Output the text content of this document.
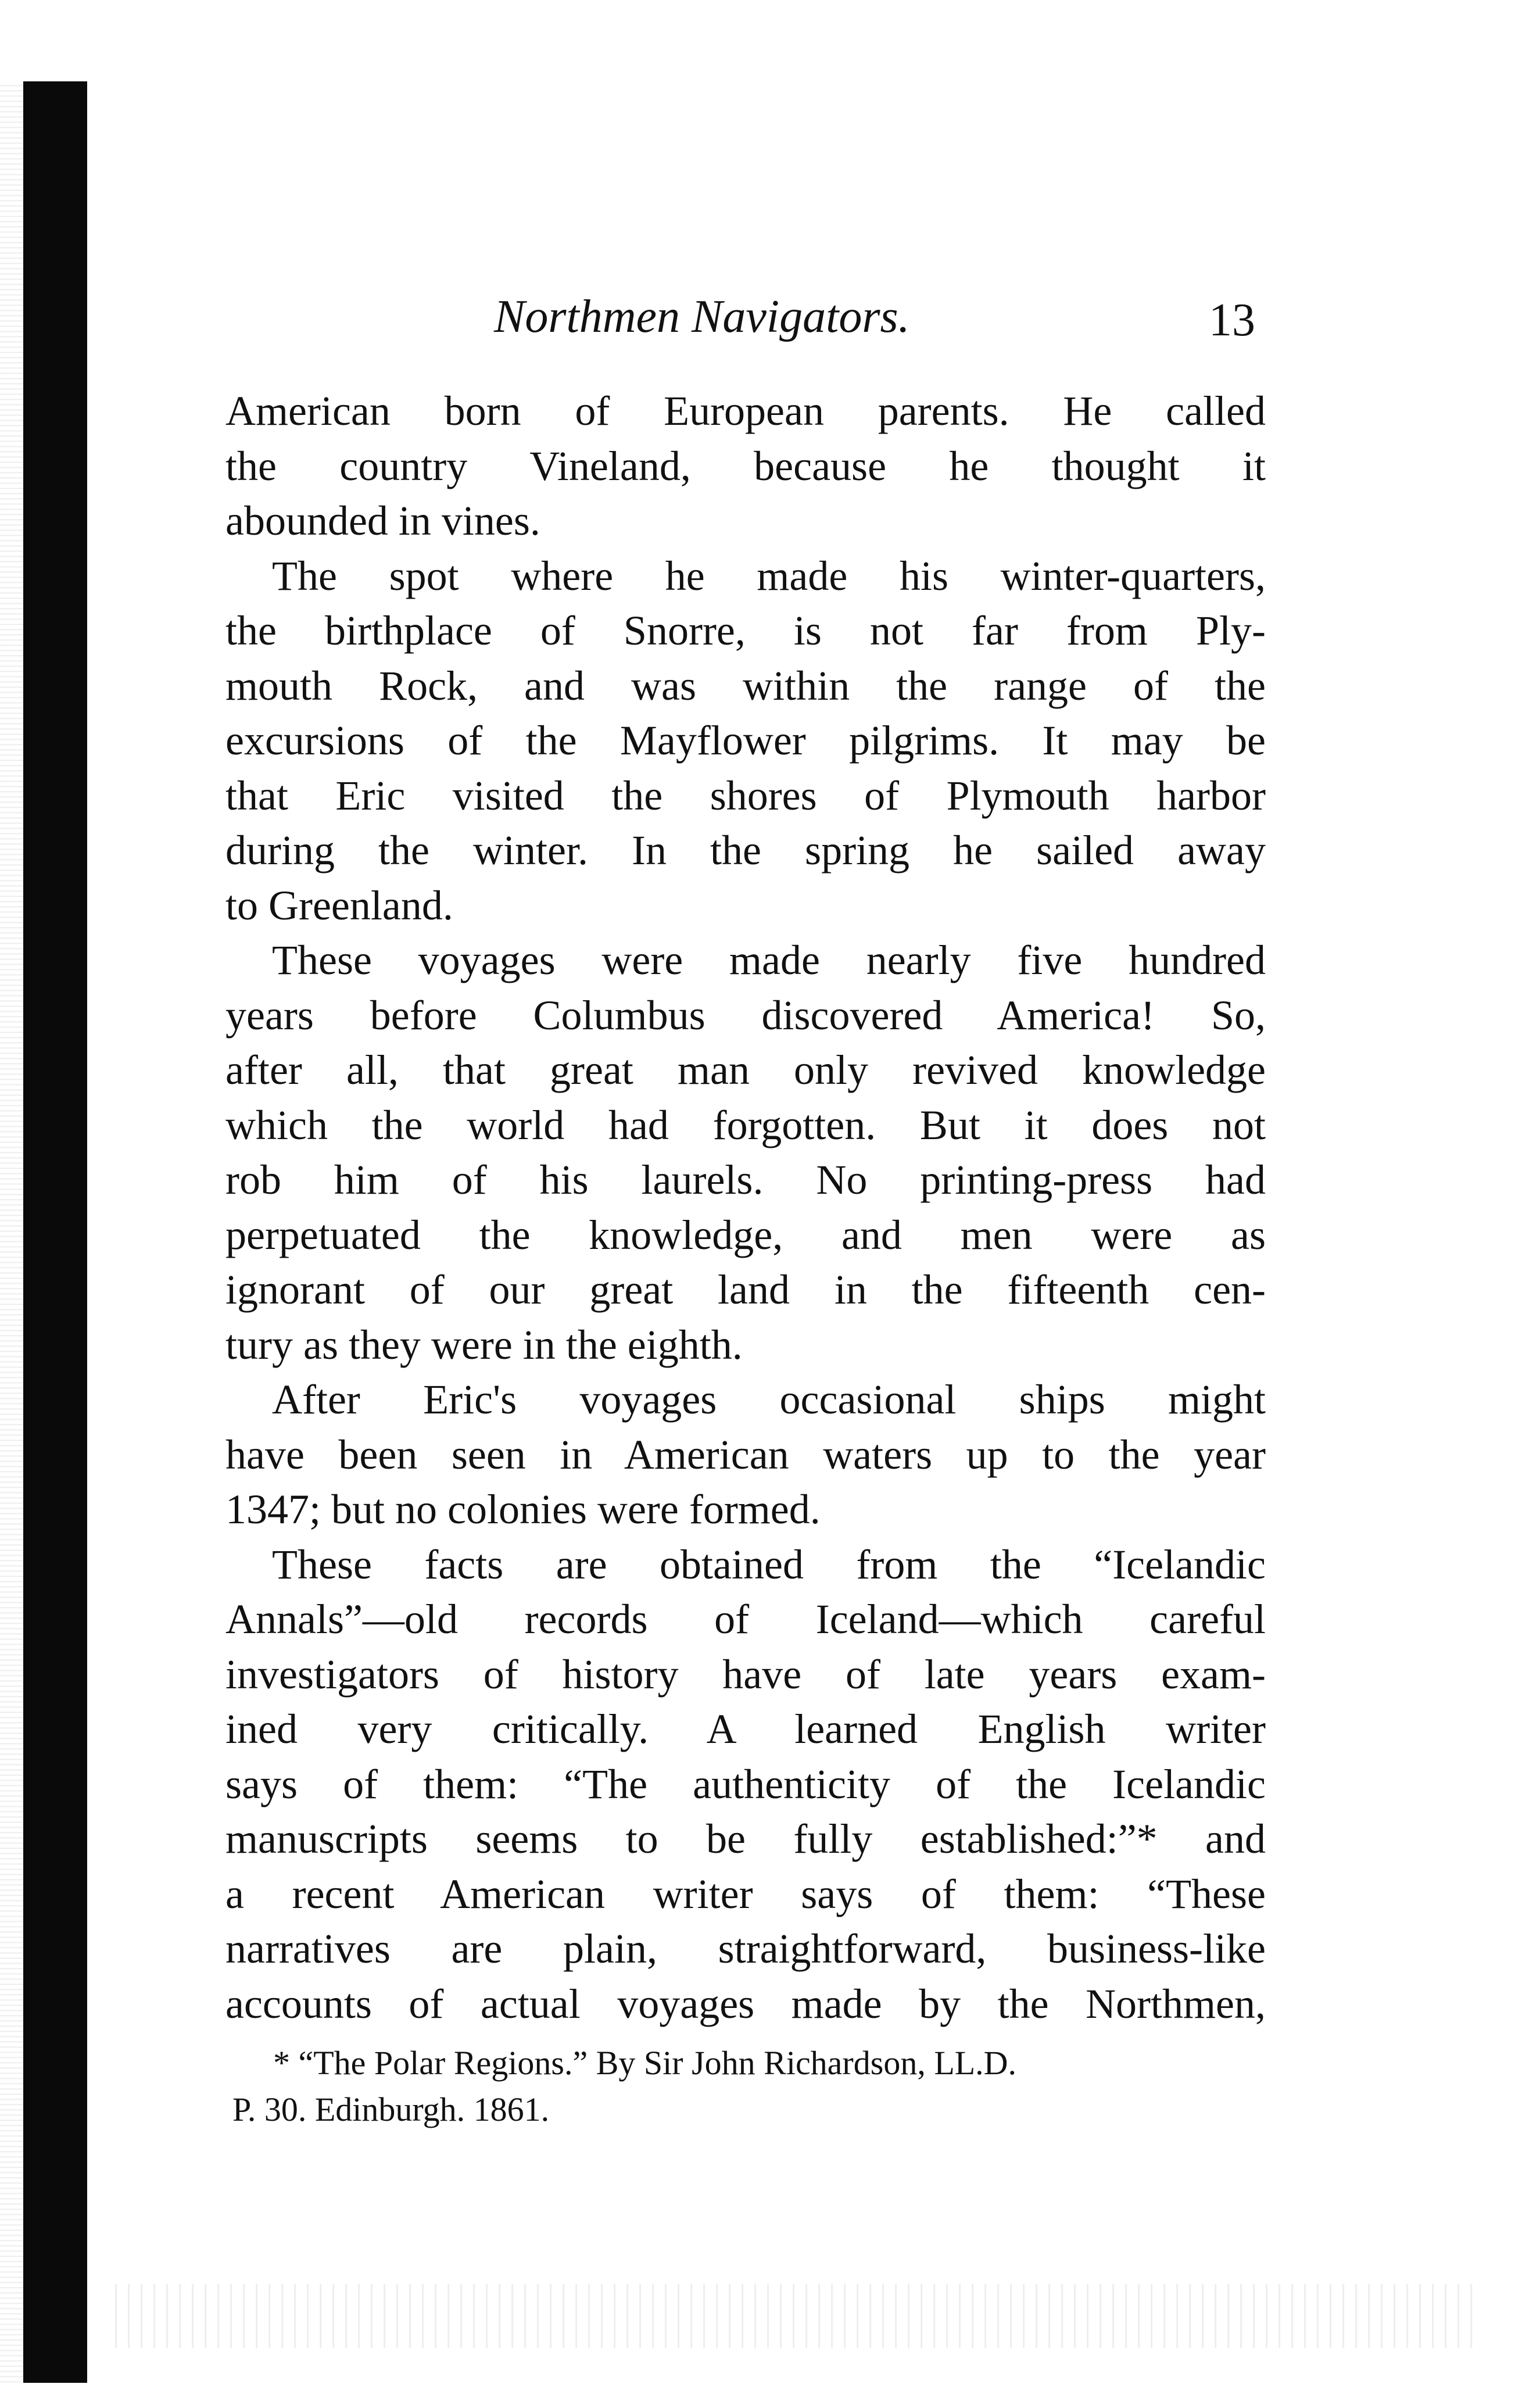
Northmen Navigators.	13
American born of European parents. He called
the country Vineland, because he thought it
abounded in vines.
The spot where he made his winter-quarters,
the birthplace of Snorre, is not far from Ply-
mouth Rock, and was within the range of the
excursions of the Mayflower pilgrims. It may be
that Eric visited the shores of Plymouth harbor
during the winter. In the spring he sailed away
to Greenland.
These voyages were made nearly five hundred
years before Columbus discovered America! So,
after all, that great man only revived knowledge
which the world had forgotten. But it does not
rob him of his laurels. No printing-press had
perpetuated the knowledge, and men were as
ignorant of our great land in the fifteenth cen-
tury as they were in the eighth.
After Eric's voyages occasional ships might
have been seen in American waters up to the year
1347; but no colonies were formed.
These facts are obtained from the “Icelandic
Annals”—old records of Iceland—which careful
investigators of history have of late years exam-
ined very critically. A learned English writer
says of them: “The authenticity of the Icelandic
manuscripts seems to be fully established:”* and
a recent American writer says of them: “These
narratives are plain, straightforward, business-like
accounts of actual voyages made by the Northmen,
* “The Polar Regions.” By Sir John Richardson, LL.D.
P. 30. Edinburgh. 1861.
